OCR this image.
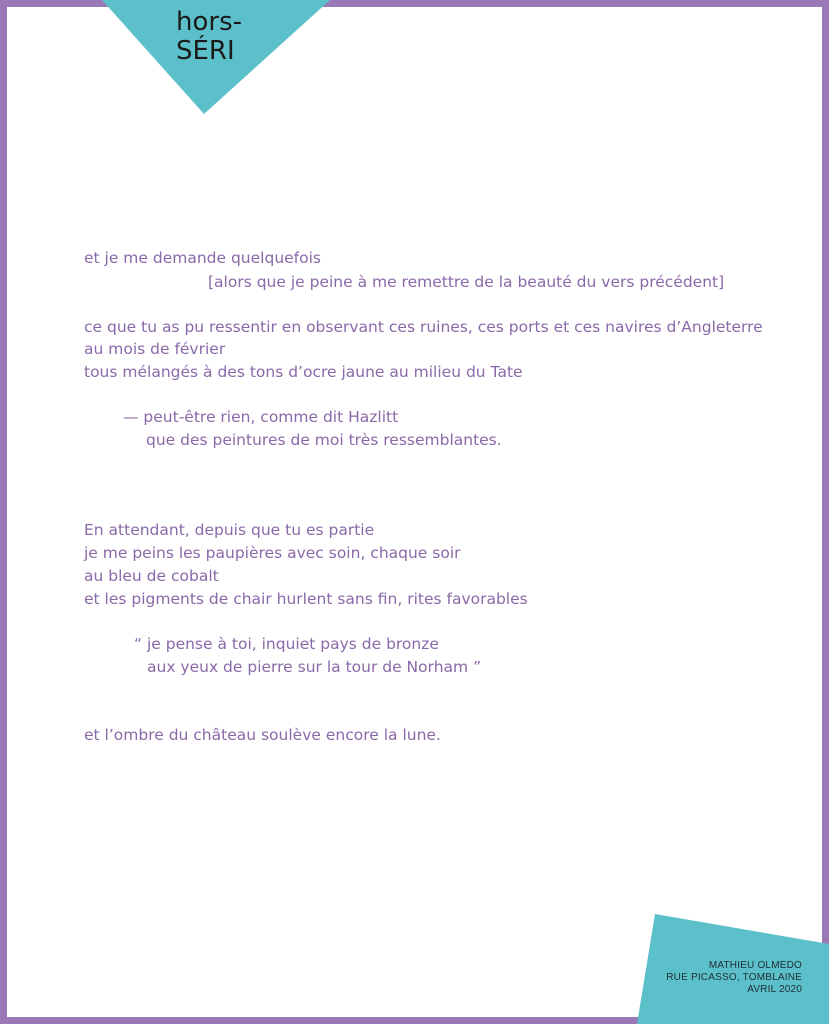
hors-
SÉRI
et je me demande quelquefois
[alors que je peine à me remettre de la beauté du vers précédent]
ce que tu as pu ressentir en observant ces ruines, ces ports et ces navires d’Angleterre
au mois de février
tous mélangés à des tons d’ocre jaune au milieu du Tate
— peut-être rien, comme dit Hazlitt
que des peintures de moi très ressemblantes.
En attendant, depuis que tu es partie
je me peins les paupières avec soin, chaque soir
au bleu de cobalt
et les pigments de chair hurlent sans fin, rites favorables
“ je pense à toi, inquiet pays de bronze
aux yeux de pierre sur la tour de Norham ”
et l’ombre du château soulève encore la lune.
MATHIEU OLMEDO
RUE PICASSO, TOMBLAINE
AVRIL 2020
